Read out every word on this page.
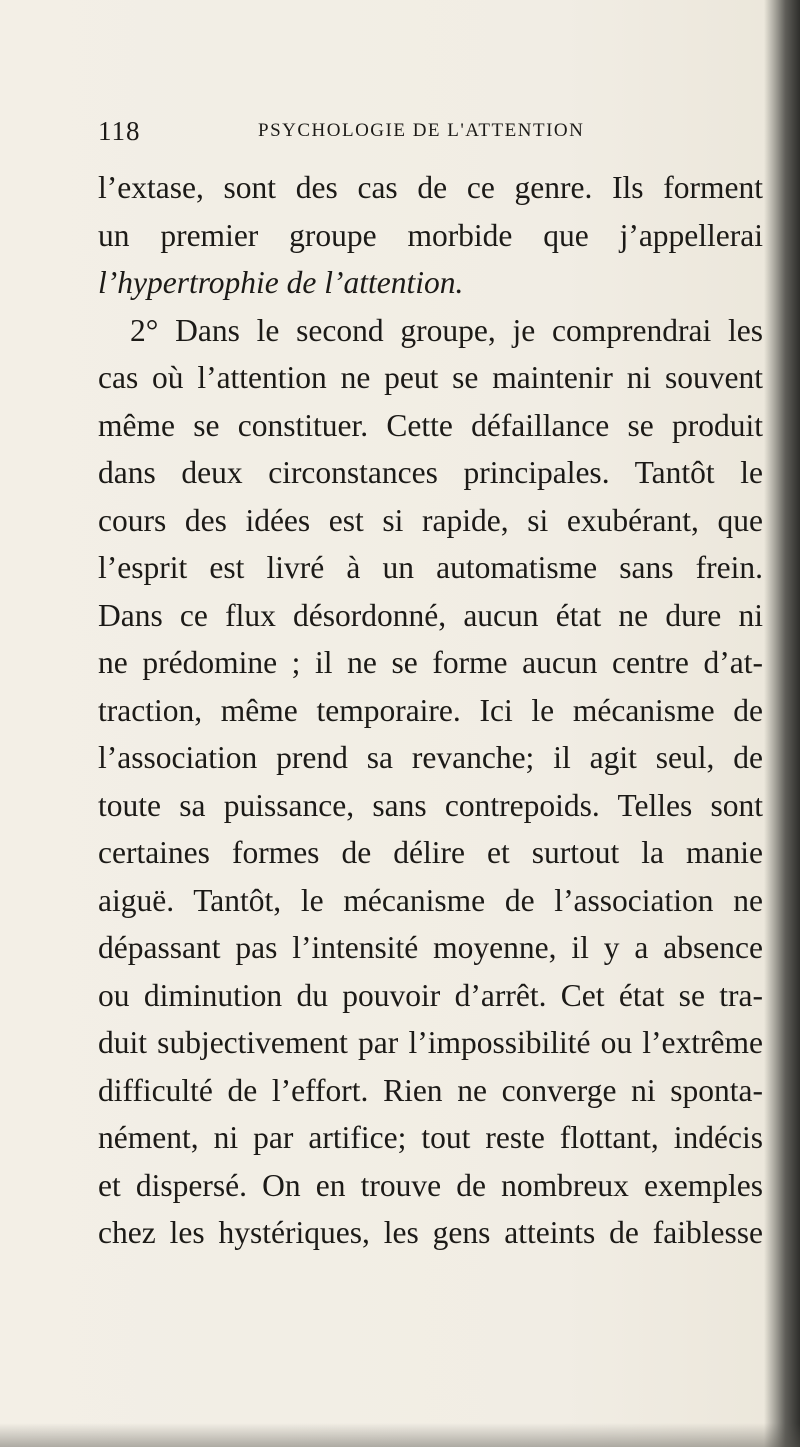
118	PSYCHOLOGIE DE L'ATTENTION
l’extase, sont des cas de ce genre. Ils forment
un premier groupe morbide que j’appellerai
l’hypertrophie de l’attention.
2° Dans le second groupe, je comprendrai les
cas où l’attention ne peut se maintenir ni souvent
même se constituer. Cette défaillance se produit
dans deux circonstances principales. Tantôt le
cours des idées est si rapide, si exubérant, que
l’esprit est livré à un automatisme sans frein.
Dans ce flux désordonné, aucun état ne dure ni
ne prédomine ; il ne se forme aucun centre d’at-
traction, même temporaire. Ici le mécanisme de
l’association prend sa revanche; il agit seul, de
toute sa puissance, sans contrepoids. Telles sont
certaines formes de délire et surtout la manie
aiguë. Tantôt, le mécanisme de l’association ne
dépassant pas l’intensité moyenne, il y a absence
ou diminution du pouvoir d’arrêt. Cet état se tra-
duit subjectivement par l’impossibilité ou l’extrême
difficulté de l’effort. Rien ne converge ni sponta-
nément, ni par artifice; tout reste flottant, indécis
et dispersé. On en trouve de nombreux exemples
chez les hystériques, les gens atteints de faiblesse
